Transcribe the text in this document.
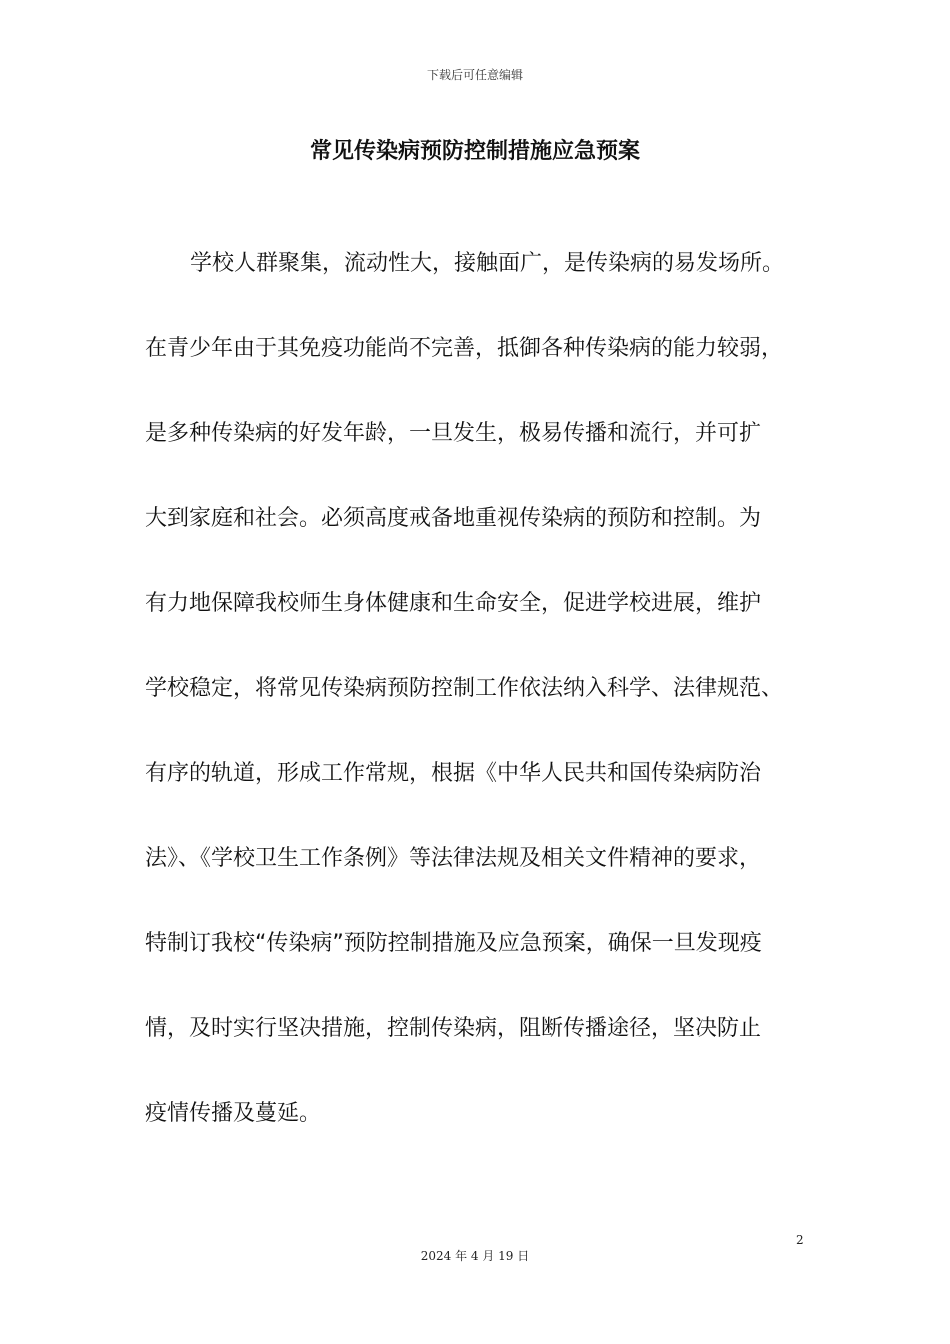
下载后可任意编辑
常见传染病预防控制措施应急预案
学校人群聚集，流动性大，接触面广，是传染病的易发场所。
在青少年由于其免疫功能尚不完善，抵御各种传染病的能力较弱，
是多种传染病的好发年龄，一旦发生，极易传播和流行，并可扩
大到家庭和社会。必须高度戒备地重视传染病的预防和控制。为
有力地保障我校师生身体健康和生命安全，促进学校进展，维护
学校稳定，将常见传染病预防控制工作依法纳入科学、法律规范、
有序的轨道，形成工作常规，根据《中华人民共和国传染病防治
法》、《学校卫生工作条例》等法律法规及相关文件精神的要求，
特制订我校“传染病”预防控制措施及应急预案，确保一旦发现疫
情，及时实行坚决措施，控制传染病，阻断传播途径，坚决防止
疫情传播及蔓延。
2
2024 年 4 月 19 日
